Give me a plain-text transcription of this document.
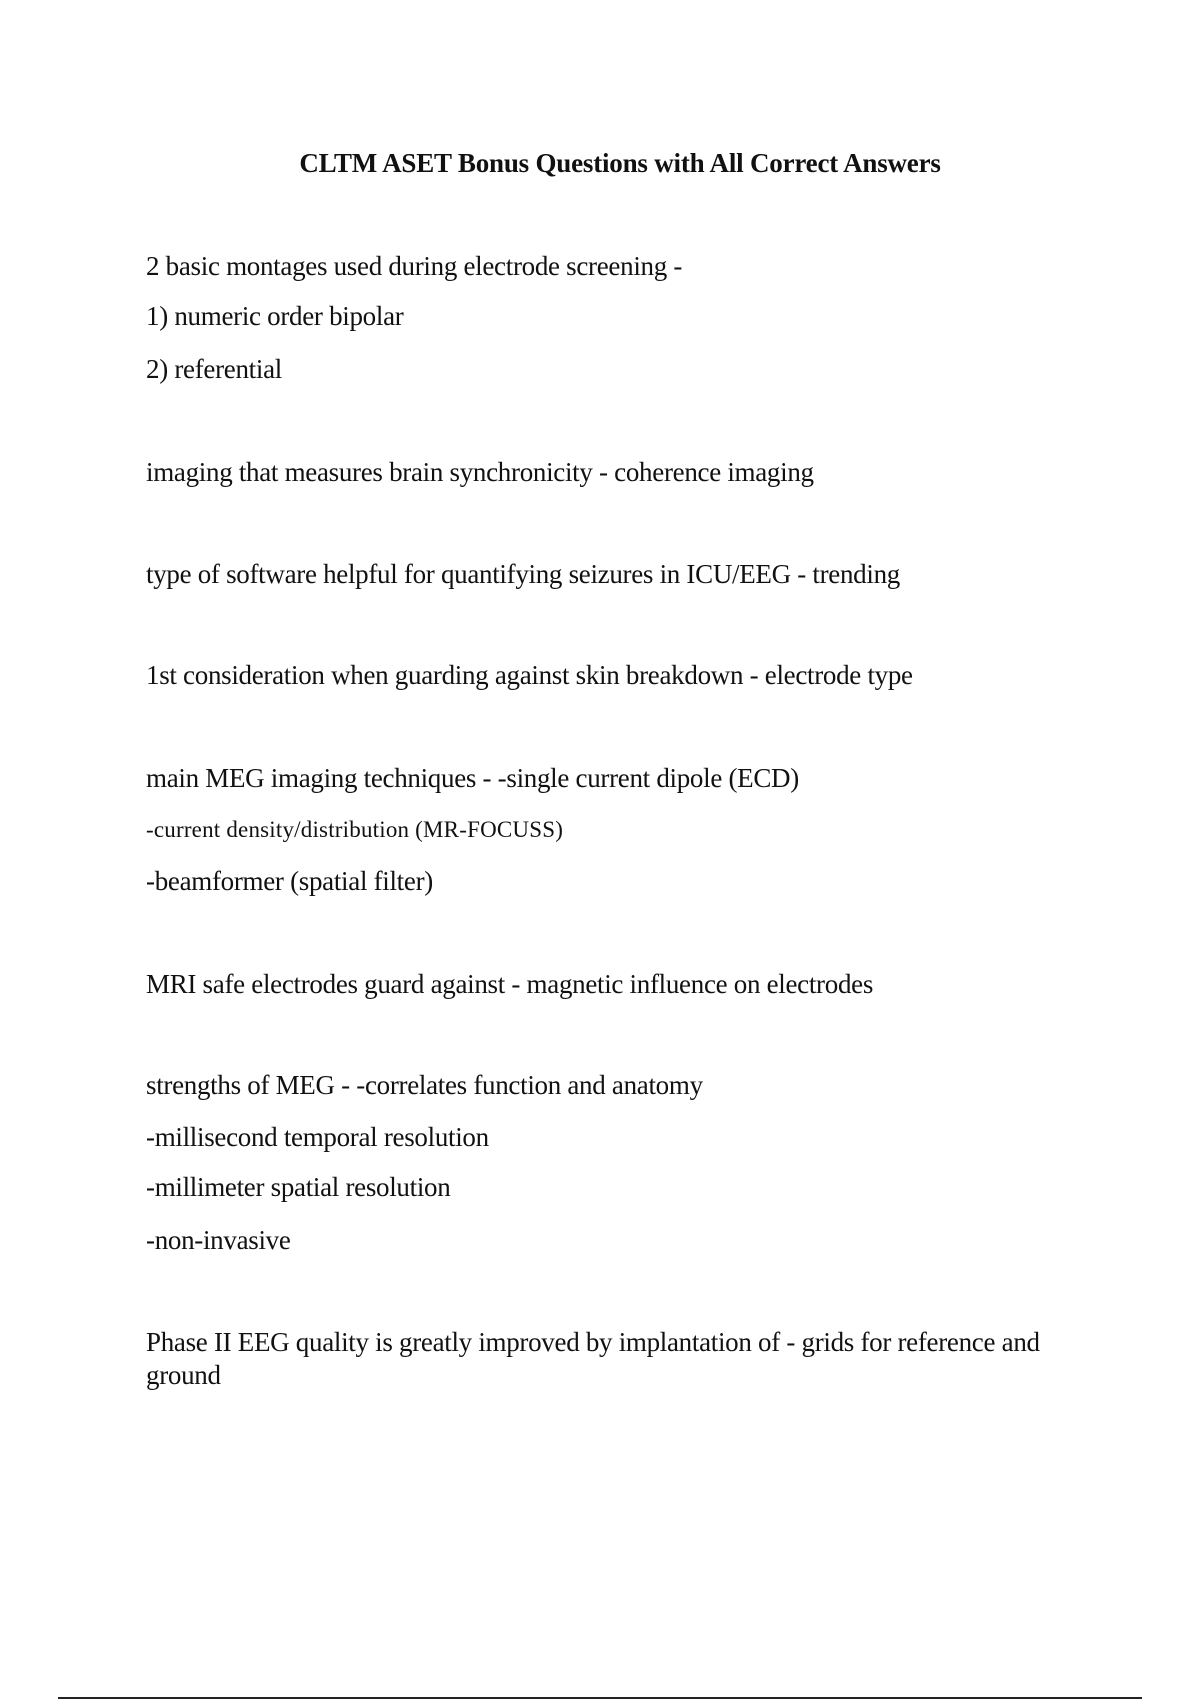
CLTM ASET Bonus Questions with All Correct Answers
2 basic montages used during electrode screening -
1) numeric order bipolar
2) referential
imaging that measures brain synchronicity - coherence imaging
type of software helpful for quantifying seizures in ICU/EEG - trending
1st consideration when guarding against skin breakdown - electrode type
main MEG imaging techniques - -single current dipole (ECD)
-current density/distribution (MR-FOCUSS)
-beamformer (spatial filter)
MRI safe electrodes guard against - magnetic influence on electrodes
strengths of MEG - -correlates function and anatomy
-millisecond temporal resolution
-millimeter spatial resolution
-non-invasive
Phase II EEG quality is greatly improved by implantation of - grids for reference and ground
